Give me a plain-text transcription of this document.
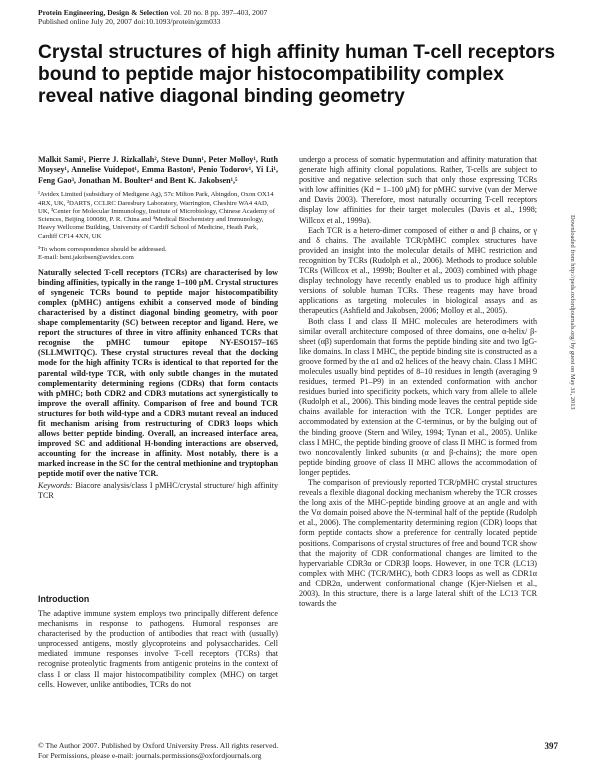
Protein Engineering, Design & Selection vol. 20 no. 8 pp. 397–403, 2007
Published online July 20, 2007 doi:10.1093/protein/gzm033
Crystal structures of high affinity human T-cell receptors bound to peptide major histocompatibility complex reveal native diagonal binding geometry

Malkit Sami¹, Pierre J. Rizkallah², Steve Dunn¹, Peter Molloy¹, Ruth Moysey¹, Annelise Vuidepot¹, Emma Baston¹, Penio Todorov¹, Yi Li¹, Feng Gao³, Jonathan M. Boulter⁴ and Bent K. Jakobsen¹,⁵

¹Avidex Limited (subsidiary of Medigene Ag), 57c Milton Park, Abingdon, Oxon OX14 4RX, UK, ²DARTS, CCLRC Daresbury Laboratory, Warrington, Cheshire WA4 4AD, UK, ³Center for Molecular Immunology, Institute of Microbiology, Chinese Academy of Sciences, Beijing 100080, P. R. China and ⁴Medical Biochemistry and Immunology, Heavy Wellcome Building, University of Cardiff School of Medicine, Heath Park, Cardiff CF14 4XN, UK

⁵To whom correspondence should be addressed.
E-mail: bent.jakobsen@avidex.com

Naturally selected T-cell receptors (TCRs) are characterised by low binding affinities, typically in the range 1–100 μM. Crystal structures of syngeneic TCRs bound to peptide major histocompatibility complex (pMHC) antigens exhibit a conserved mode of binding characterised by a distinct diagonal binding geometry, with poor shape complementarity (SC) between receptor and ligand. Here, we report the structures of three in vitro affinity enhanced TCRs that recognise the pMHC tumour epitope NY-ESO157–165 (SLLMWITQC). These crystal structures reveal that the docking mode for the high affinity TCRs is identical to that reported for the parental wild-type TCR, with only subtle changes in the mutated complementarity determining regions (CDRs) that form contacts with pMHC; both CDR2 and CDR3 mutations act synergistically to improve the overall affinity. Comparison of free and bound TCR structures for both wild-type and a CDR3 mutant reveal an induced fit mechanism arising from restructuring of CDR3 loops which allows better peptide binding. Overall, an increased interface area, improved SC and additional H-bonding interactions are observed, accounting for the increase in affinity. Most notably, there is a marked increase in the SC for the central methionine and tryptophan peptide motif over the native TCR.

Keywords: Biacore analysis/class I pMHC/crystal structure/ high affinity TCR

Introduction

The adaptive immune system employs two principally different defence mechanisms in response to pathogens. Humoral responses are characterised by the production of antibodies that react with (usually) unprocessed antigens, mostly glycoproteins and polysaccharides. Cell mediated immune responses involve T-cell receptors (TCRs) that recognise proteolytic fragments from antigenic proteins in the context of class I or class II major histocompatibility complex (MHC) on target cells. However, unlike antibodies, TCRs do not

undergo a process of somatic hypermutation and affinity maturation that generate high affinity clonal populations. Rather, T-cells are subject to positive and negative selection such that only those expressing TCRs with low affinities (Kd = 1–100 μM) for pMHC survive (van der Merwe and Davis 2003). Therefore, most naturally occurring T-cell receptors display low affinities for their target molecules (Davis et al., 1998; Willcox et al., 1999a).

Each TCR is a hetero-dimer composed of either α and β chains, or γ and δ chains. The available TCR/pMHC complex structures have provided an insight into the molecular details of MHC restriction and recognition by TCRs (Rudolph et al., 2006). Methods to produce soluble TCRs (Willcox et al., 1999b; Boulter et al., 2003) combined with phage display technology have recently enabled us to produce high affinity versions of soluble human TCRs. These reagents may have broad applications as targeting molecules in biological assays and as therapeutics (Ashfield and Jakobsen, 2006; Molloy et al., 2005).

Both class I and class II MHC molecules are heterodimers with similar overall architecture composed of three domains, one α-helix/ β-sheet (αβ) superdomain that forms the peptide binding site and two IgG-like domains. In class I MHC, the peptide binding site is constructed as a groove formed by the α1 and α2 helices of the heavy chain. Class I MHC molecules usually bind peptides of 8–10 residues in length (averaging 9 residues, termed P1–P9) in an extended conformation with anchor residues buried into specificity pockets, which vary from allele to allele (Rudolph et al., 2006). This binding mode leaves the central peptide side chains available for interaction with the TCR. Longer peptides are accommodated by extension at the C-terminus, or by the bulging out of the binding groove (Stern and Wiley, 1994; Tynan et al., 2005). Unlike class I MHC, the peptide binding groove of class II MHC is formed from two noncovalently linked subunits (α and β-chains); the more open peptide binding groove of class II MHC allows the accommodation of longer peptides.

The comparison of previously reported TCR/pMHC crystal structures reveals a flexible diagonal docking mechanism whereby the TCR crosses the long axis of the MHC-peptide binding groove at an angle and with the Vα domain poised above the N-terminal half of the peptide (Rudolph et al., 2006). The complementarity determining region (CDR) loops that form peptide contacts show a preference for centrally located peptide positions. Comparisons of crystal structures of free and bound TCR show that the majority of CDR conformational changes are limited to the hypervariable CDR3α or CDR3β loops. However, in one TCR (LC13) complex with MHC (TCR/MHC), both CDR3 loops as well as CDR1α and CDR2α, underwent conformational change (Kjer-Nielsen et al., 2003). In this structure, there is a large lateral shift of the LC13 TCR towards the

Downloaded from http://peds.oxfordjournals.org/ by guest on May 31, 2013
© The Author 2007. Published by Oxford University Press. All rights reserved.
For Permissions, please e-mail: journals.permissions@oxfordjournals.org
397
